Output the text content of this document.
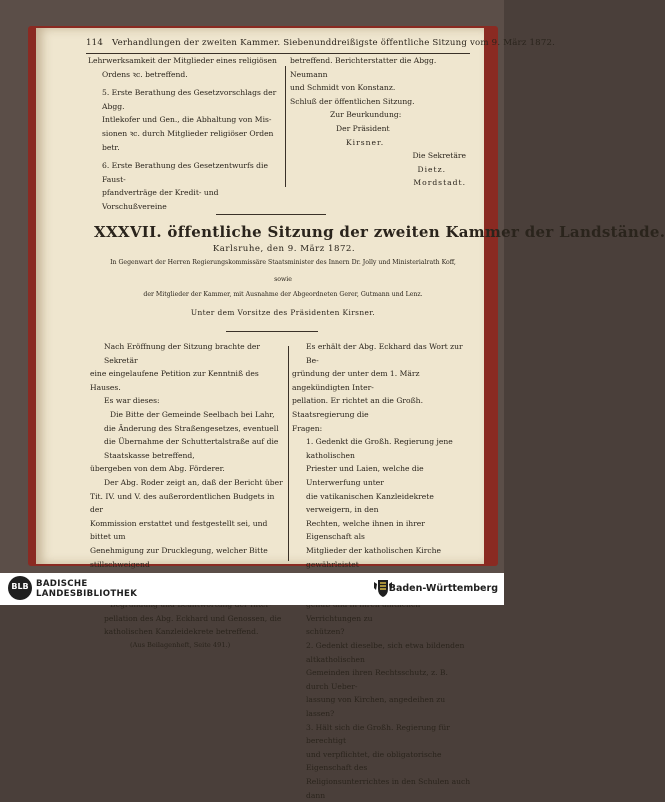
114 Verhandlungen der zweiten Kammer. Siebenunddreißigste öffentliche Sitzung vom 9. März 1872.

Lehrwerksamkeit der Mitglieder eines religiösen

Ordens ꝛc. betreffend.

5. Erste Berathung des Gesetzvorschlags der Abgg.

Intlekofer und Gen., die Abhaltung von Mis-

sionen ꝛc. durch Mitglieder religiöser Orden betr.

6. Erste Berathung des Gesetzentwurfs die Faust-

pfandverträge der Kredit- und Vorschußvereine

betreffend. Berichterstatter die Abgg. Neumann

und Schmidt von Konstanz.

Schluß der öffentlichen Sitzung.

Zur Beurkundung:

Der Präsident

Kirsner.

Die Sekretäre

Dietz.

Mordstadt.

XXXVII. öffentliche Sitzung der zweiten Kammer der Landstände.
Karlsruhe, den 9. März 1872.
In Gegenwart der Herren Regierungskommissäre Staatsminister des Innern Dr. Jolly und Ministerialrath Koff,
sowie
der Mitglieder der Kammer, mit Ausnahme der Abgeordneten Gerer, Gutmann und Lenz.
Unter dem Vorsitze des Präsidenten Kirsner.

Nach Eröffnung der Sitzung brachte der Sekretär

eine eingelaufene Petition zur Kenntniß des Hauses.

Es war dieses:

Die Bitte der Gemeinde Seelbach bei Lahr,

die Änderung des Straßengesetzes, eventuell

die Übernahme der Schuttertalstraße auf die

Staatskasse betreffend,

übergeben von dem Abg. Förderer.

Der Abg. Roder zeigt an, daß der Bericht über

Tit. IV. und V. des außerordentlichen Budgets in der

Kommission erstattet und festgestellt sei, und bittet um

Genehmigung zur Drucklegung, welcher Bitte stillschweigend

pellation des Abg. Eckhard und Genossen, die

katholischen Kanzleidekrete betreffend.

(Aus Beilagenheft, Seite 491.)

Es erhält der Abg. Eckhard das Wort zur Be-

gründung der unter dem 1. März angekündigten Inter-

pellation. Er richtet an die Großh. Staatsregierung die

Fragen:

1. Gedenkt die Großh. Regierung jene katholischen

Priester und Laien, welche die Unterwerfung unter

die vatikanischen Kanzleidekrete verweigern, in den

Rechten, welche ihnen in ihrer Eigenschaft als

Mitglieder der katholischen Kirche gewährleistet

Verrichtungen zu

schützen?

2. Gedenkt dieselbe, sich etwa bildenden altkatholischen

Gemeinden ihren Rechtsschutz, z. B. durch Ueber-

lassung von Kirchen, angedeihen zu lassen?

3. Hält sich die Großh. Regierung für berechtigt

und verpflichtet, die obligatorische Eigenschaft des

Religionsunterrichtes in den Schulen auch dann

BLB BADISCHE
LANDESBIBLIOTHEK	Baden-Württemberg
